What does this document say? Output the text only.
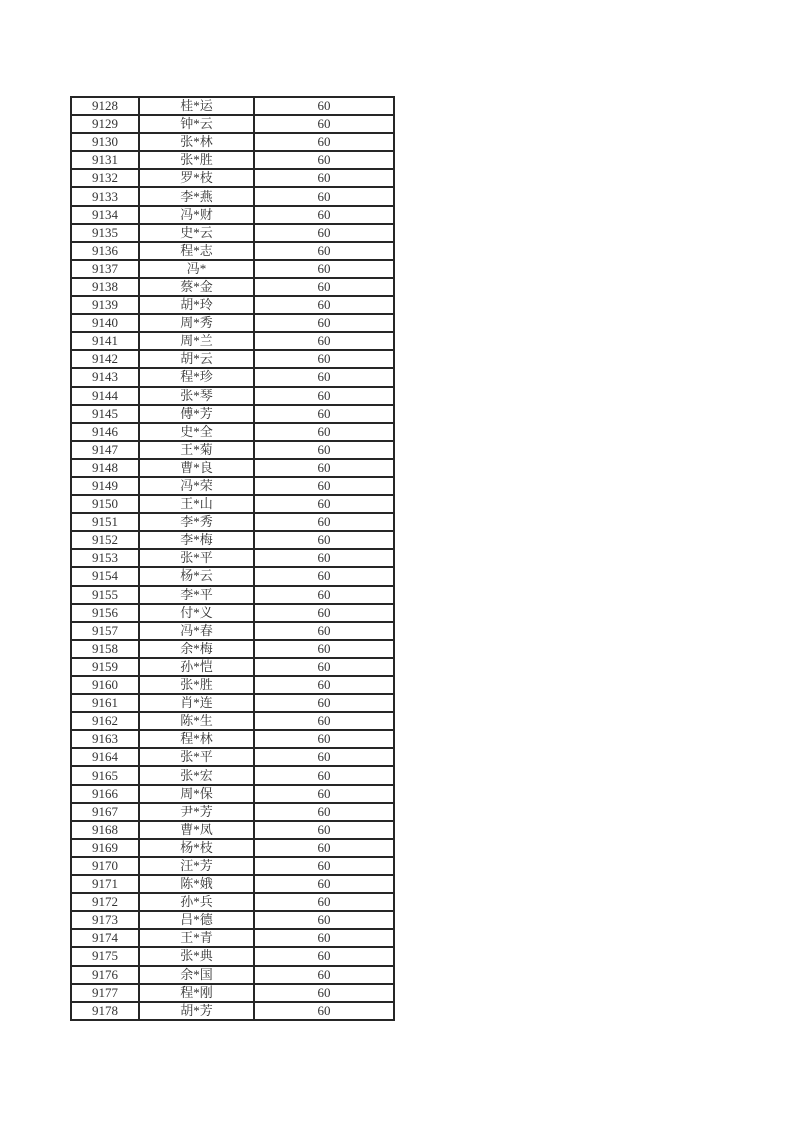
9128	桂*运	60
9129	钟*云	60
9130	张*林	60
9131	张*胜	60
9132	罗*枝	60
9133	李*燕	60
9134	冯*财	60
9135	史*云	60
9136	程*志	60
9137	冯*	60
9138	蔡*金	60
9139	胡*玲	60
9140	周*秀	60
9141	周*兰	60
9142	胡*云	60
9143	程*珍	60
9144	张*琴	60
9145	傅*芳	60
9146	史*全	60
9147	王*菊	60
9148	曹*良	60
9149	冯*荣	60
9150	王*山	60
9151	李*秀	60
9152	李*梅	60
9153	张*平	60
9154	杨*云	60
9155	李*平	60
9156	付*义	60
9157	冯*春	60
9158	余*梅	60
9159	孙*恺	60
9160	张*胜	60
9161	肖*连	60
9162	陈*生	60
9163	程*林	60
9164	张*平	60
9165	张*宏	60
9166	周*保	60
9167	尹*芳	60
9168	曹*凤	60
9169	杨*枝	60
9170	汪*芳	60
9171	陈*娥	60
9172	孙*兵	60
9173	吕*德	60
9174	王*青	60
9175	张*典	60
9176	余*国	60
9177	程*刚	60
9178	胡*芳	60
